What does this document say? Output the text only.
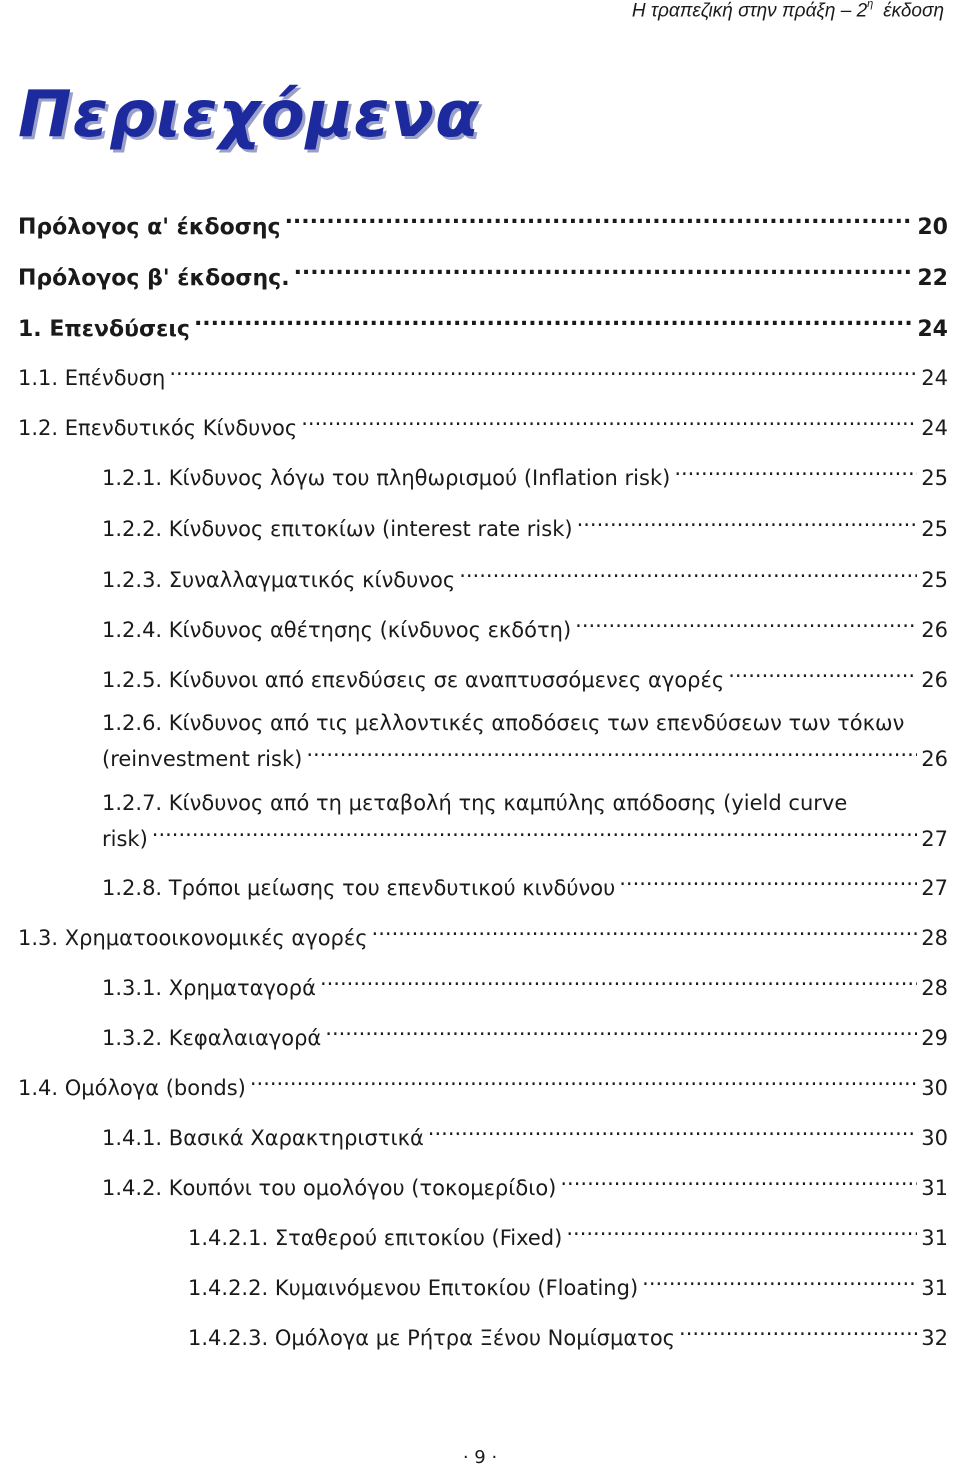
Η τραπεζική στην πράξη – $2^\eta$ έκδοση
Περιεχόμενα
Πρόλογος α' έκδοσης .....	20
Πρόλογος β' έκδοσης. .....	22
1. Επενδύσεις .....	24
1.1. Επένδυση .....	24
1.2. Επενδυτικός Κίνδυνος .....	24
1.2.1. Κίνδυνος λόγω του πληθωρισμού (Inflation risk) .....	25
1.2.2. Κίνδυνος επιτοκίων (interest rate risk) .....	25
1.2.3. Συναλλαγματικός κίνδυνος .....	25
1.2.4. Κίνδυνος αθέτησης (κίνδυνος εκδότη) .....	26
1.2.5. Κίνδυνοι από επενδύσεις σε αναπτυσσόμενες αγορές .....	26
1.2.6. Κίνδυνος από τις μελλοντικές αποδόσεις των επενδύσεων των τόκων
(reinvestment risk) .....	26
1.2.7. Κίνδυνος από τη μεταβολή της καμπύλης απόδοσης (yield curve
risk) .....	27
1.2.8. Τρόποι μείωσης του επενδυτικού κινδύνου .....	27
1.3. Χρηματοοικονομικές αγορές .....	28
1.3.1. Χρηματαγορά .....	28
1.3.2. Κεφαλαιαγορά .....	29
1.4. Ομόλογα (bonds) .....	30
1.4.1. Βασικά Χαρακτηριστικά .....	30
1.4.2. Κουπόνι του ομολόγου (τοκομερίδιο) .....	31
1.4.2.1. Σταθερού επιτοκίου (Fixed) .....	31
1.4.2.2. Κυμαινόμενου Επιτοκίου (Floating) .....	31
1.4.2.3. Ομόλογα με Ρήτρα Ξένου Νομίσματος .....	32
· 9 ·
